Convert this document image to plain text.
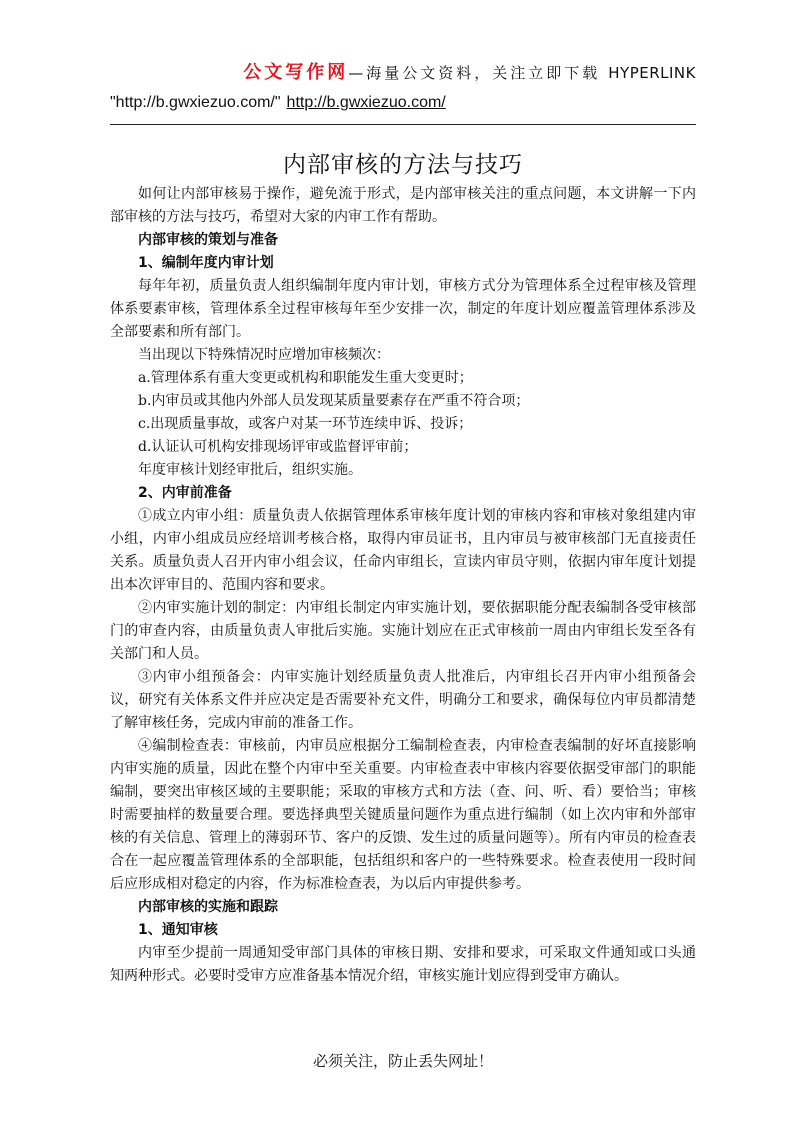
公文写作网—海量公文资料，关注立即下载 HYPERLINK
"http://b.gwxiezuo.com/" http://b.gwxiezuo.com/
内部审核的方法与技巧

如何让内部审核易于操作，避免流于形式，是内部审核关注的重点问题，本文讲解一下内部审核的方法与技巧，希望对大家的内审工作有帮助。

内部审核的策划与准备

1、编制年度内审计划

每年年初，质量负责人组织编制年度内审计划，审核方式分为管理体系全过程审核及管理体系要素审核，管理体系全过程审核每年至少安排一次，制定的年度计划应覆盖管理体系涉及全部要素和所有部门。

当出现以下特殊情况时应增加审核频次：

a.管理体系有重大变更或机构和职能发生重大变更时；

b.内审员或其他内外部人员发现某质量要素存在严重不符合项；

c.出现质量事故，或客户对某一环节连续申诉、投诉；

d.认证认可机构安排现场评审或监督评审前；

年度审核计划经审批后，组织实施。

2、内审前准备

①成立内审小组：质量负责人依据管理体系审核年度计划的审核内容和审核对象组建内审小组，内审小组成员应经培训考核合格，取得内审员证书，且内审员与被审核部门无直接责任关系。质量负责人召开内审小组会议，任命内审组长，宣读内审员守则，依据内审年度计划提出本次评审目的、范围内容和要求。

②内审实施计划的制定：内审组长制定内审实施计划，要依据职能分配表编制各受审核部门的审查内容，由质量负责人审批后实施。实施计划应在正式审核前一周由内审组长发至各有关部门和人员。

③内审小组预备会：内审实施计划经质量负责人批准后，内审组长召开内审小组预备会议，研究有关体系文件并应决定是否需要补充文件，明确分工和要求，确保每位内审员都清楚了解审核任务，完成内审前的准备工作。

④编制检查表：审核前，内审员应根据分工编制检查表，内审检查表编制的好坏直接影响内审实施的质量，因此在整个内审中至关重要。内审检查表中审核内容要依据受审部门的职能编制，要突出审核区域的主要职能；采取的审核方式和方法（查、问、听、看）要恰当；审核时需要抽样的数量要合理。要选择典型关键质量问题作为重点进行编制（如上次内审和外部审核的有关信息、管理上的薄弱环节、客户的反馈、发生过的质量问题等）。所有内审员的检查表合在一起应覆盖管理体系的全部职能，包括组织和客户的一些特殊要求。检查表使用一段时间后应形成相对稳定的内容，作为标准检查表，为以后内审提供参考。

内部审核的实施和跟踪

1、通知审核

内审至少提前一周通知受审部门具体的审核日期、安排和要求，可采取文件通知或口头通知两种形式。必要时受审方应准备基本情况介绍，审核实施计划应得到受审方确认。

必须关注，防止丢失网址！
